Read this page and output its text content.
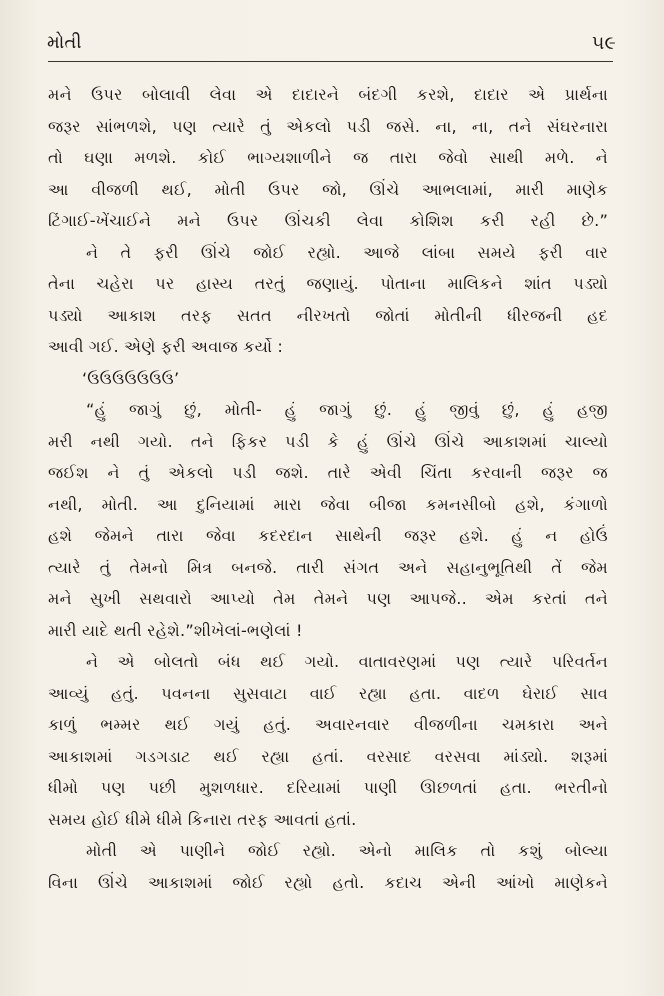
મોતી	૫૯
મને ઉપર બોલાવી લેવા એ દાદારને બંદગી કરશે, દાદાર એ પ્રાર્થના
જરૂર સાંભળશે, પણ ત્યારે તું એકલો પડી જસે. ના, ના, તને સંઘરનારા
તો ઘણા મળશે. કોઈ ભાગ્યશાળીને જ તારા જેવો સાથી મળે. ને
આ વીજળી થઈ, મોતી ઉપર જો, ઊંચે આભલામાં, મારી માણેક
ટિંગાઈ-ખેંચાઈને મને ઉપર ઊંચકી લેવા કોશિશ કરી રહી છે.”
ને તે ફરી ઊંચે જોઈ રહ્યો. આજે લાંબા સમયે ફરી વાર
તેના ચહેરા પર હાસ્ય તરતું જણાયું. પોતાના માલિકને શાંત પડ્યો
પડ્યો આકાશ તરફ સતત નીરખતો જોતાં મોતીની ધીરજની હદ
આવી ગઈ. એણે ફરી અવાજ કર્યો :
‘ઉઉઉઉઉઉઉ’
“હું જાગું છું, મોતી- હું જાગું છું. હું જીવું છું, હું હજી
મરી નથી ગયો. તને ફિકર પડી કે હું ઊંચે ઊંચે આકાશમાં ચાલ્યો
જઈશ ને તું એકલો પડી જશે. તારે એવી ચિંતા કરવાની જરૂર જ
નથી, મોતી. આ દુનિયામાં મારા જેવા બીજા કમનસીબો હશે, કંગાળો
હશે જેમને તારા જેવા કદરદાન સાથેની જરૂર હશે. હું ન હોઉં
ત્યારે તું તેમનો મિત્ર બનજે. તારી સંગત અને સહાનુભૂતિથી તેં જેમ
મને સુખી સથવારો આપ્યો તેમ તેમને પણ આપજે.. એમ કરતાં તને
મારી યાદે થતી રહેશે.”શીખેલાં-ભણેલાં !
ને એ બોલતો બંધ થઈ ગયો. વાતાવરણમાં પણ ત્યારે પરિવર્તન
આવ્યું હતું. પવનના સુસવાટા વાઈ રહ્યા હતા. વાદળ ઘેરાઈ સાવ
કાળું ભમ્મર થઈ ગયું હતું. અવારનવાર વીજળીના ચમકારા અને
આકાશમાં ગડગડાટ થઈ રહ્યા હતાં. વરસાદ વરસવા માંડ્યો. શરૂમાં
ધીમો પણ પછી મુશળધાર. દરિયામાં પાણી ઊછળતાં હતા. ભરતીનો
સમય હોઈ ધીમે ધીમે કિનારા તરફ આવતાં હતાં.
મોતી એ પાણીને જોઈ રહ્યો. એનો માલિક તો કશું બોલ્યા
વિના ઊંચે આકાશમાં જોઈ રહ્યો હતો. કદાચ એની આંખો માણેકને
